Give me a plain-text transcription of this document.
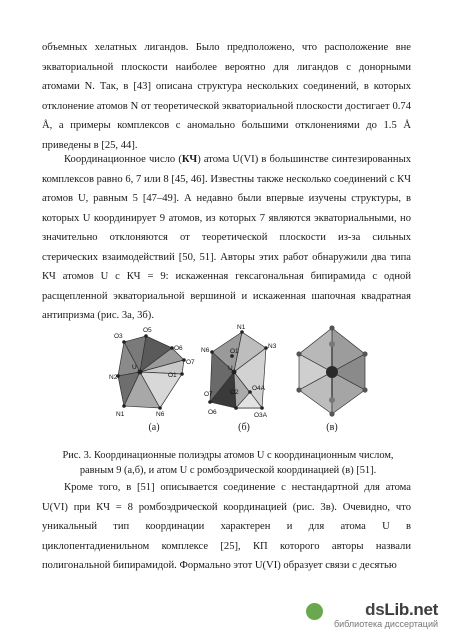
объемных хелатных лигандов. Было предположено, что расположение вне экваториальной плоскости наиболее вероятно для лигандов с донорными атомами N. Так, в [43] описана структура нескольких соединений, в которых отклонение атомов N от теоретической экваториальной плоскости достигает 0.74 Å, а примеры комплексов с аномально большими отклонениями до 1.5 Å приведены в [25, 44].

Координационное число (КЧ) атома U(VI) в большинстве синтезированных комплексов равно 6, 7 или 8 [45, 46]. Известны также несколько соединений с КЧ атомов U, равным 5 [47–49]. А недавно были впервые изучены структуры, в которых U координирует 9 атомов, из которых 7 являются экваториальными, но значительно отклоняются от теоретической плоскости из-за сильных стерических взаимодействий [50, 51]. Авторы этих работ обнаружили два типа КЧ атомов U с КЧ = 9: искаженная гексагональная бипирамида с одной расщепленной экваториальной вершиной и искаженная шапочная квадратная антипризма (рис. 3а, 3б).

O3
O5
O6
O7
N2
U
O1
N1	N6
N1
N6
N3
O1
U
O7	O2
O4A
O6	O3A
(а)	(б)	(в)

Рис. 3. Координационные полиэдры атомов U с координационным числом, равным 9 (а,б), и атом U с ромбоэдрической координацией (в) [51].

Кроме того, в [51] описывается соединение с нестандартной для атома U(VI) при КЧ = 8 ромбоэдрической координацией (рис. 3в). Очевидно, что уникальный тип координации характерен и для атома U в циклопентадиенильном комплексе [25], КП которого авторы назвали полигональной бипирамидой. Формально этот U(VI) образует связи с десятью

dsLib.net
библиотека диссертаций
